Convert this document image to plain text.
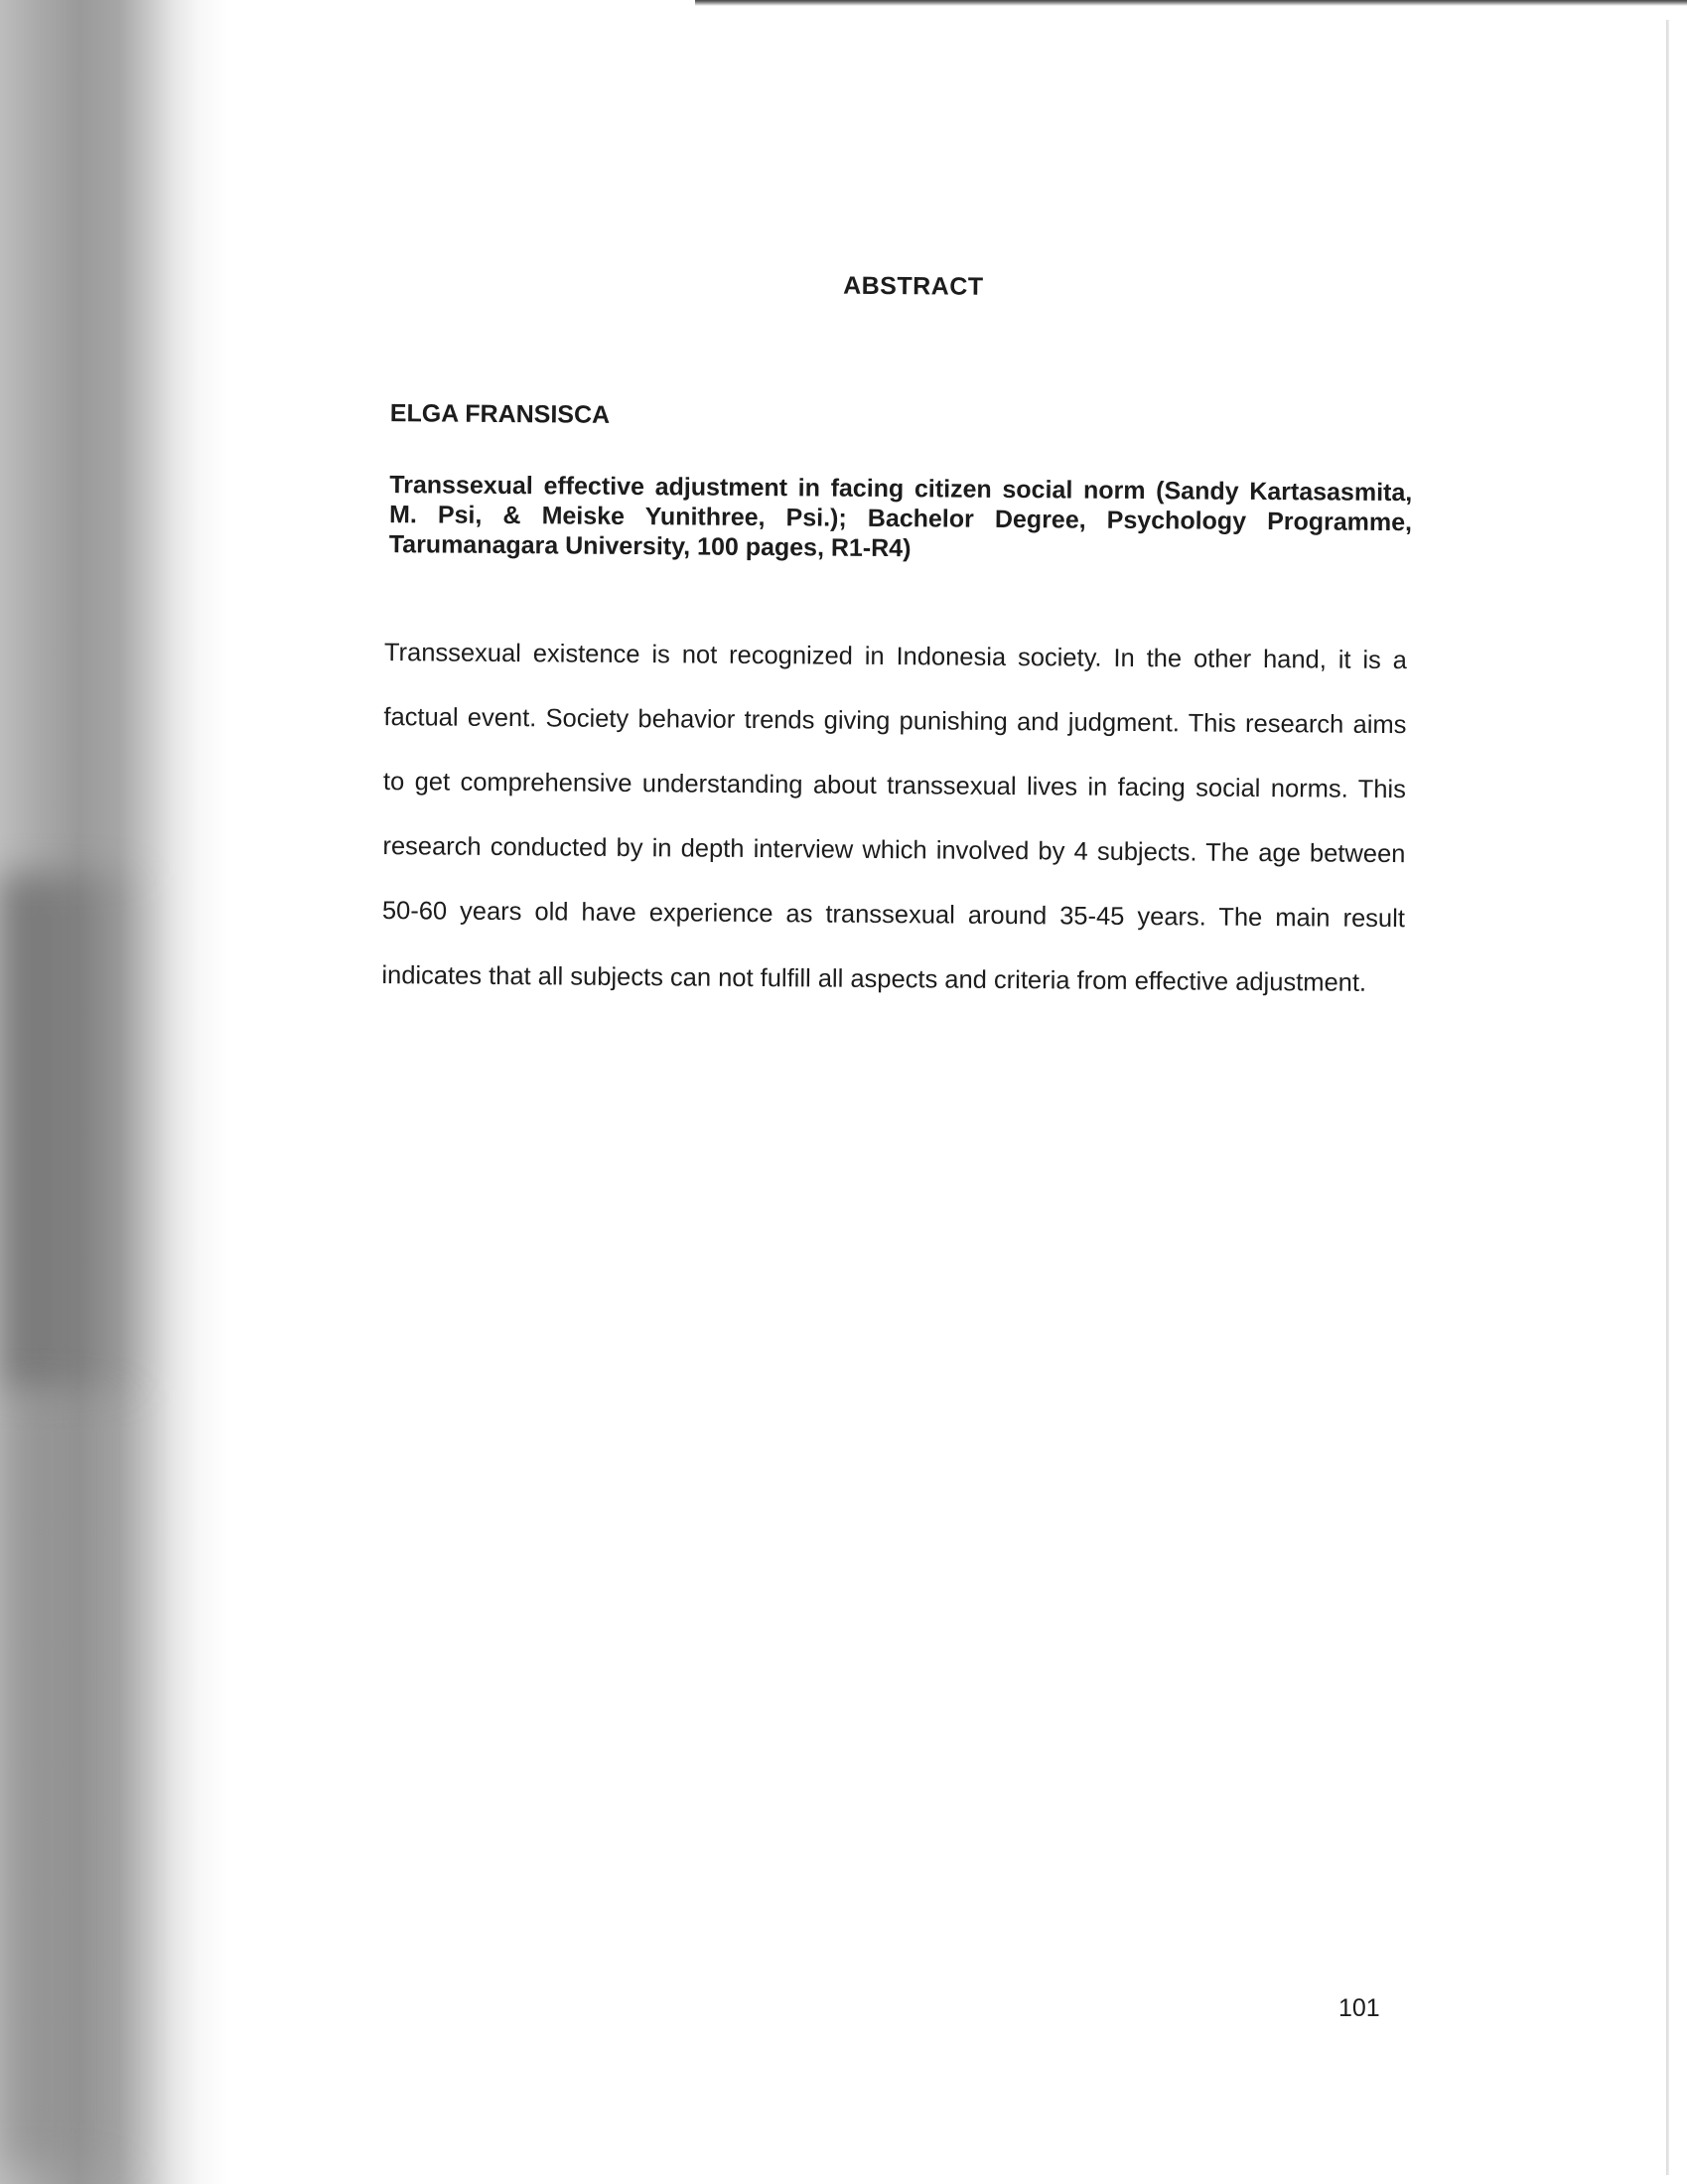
ABSTRACT
ELGA FRANSISCA
Transsexual effective adjustment in facing citizen social norm (Sandy Kartasasmita, M. Psi, & Meiske Yunithree, Psi.); Bachelor Degree, Psychology Programme, Tarumanagara University, 100 pages, R1-R4)
Transsexual existence is not recognized in Indonesia society. In the other hand, it is a factual event. Society behavior trends giving punishing and judgment. This research aims to get comprehensive understanding about transsexual lives in facing social norms. This research conducted by in depth interview which involved by 4 subjects. The age between 50-60 years old have experience as transsexual around 35-45 years. The main result indicates that all subjects can not fulfill all aspects and criteria from effective adjustment.
101
